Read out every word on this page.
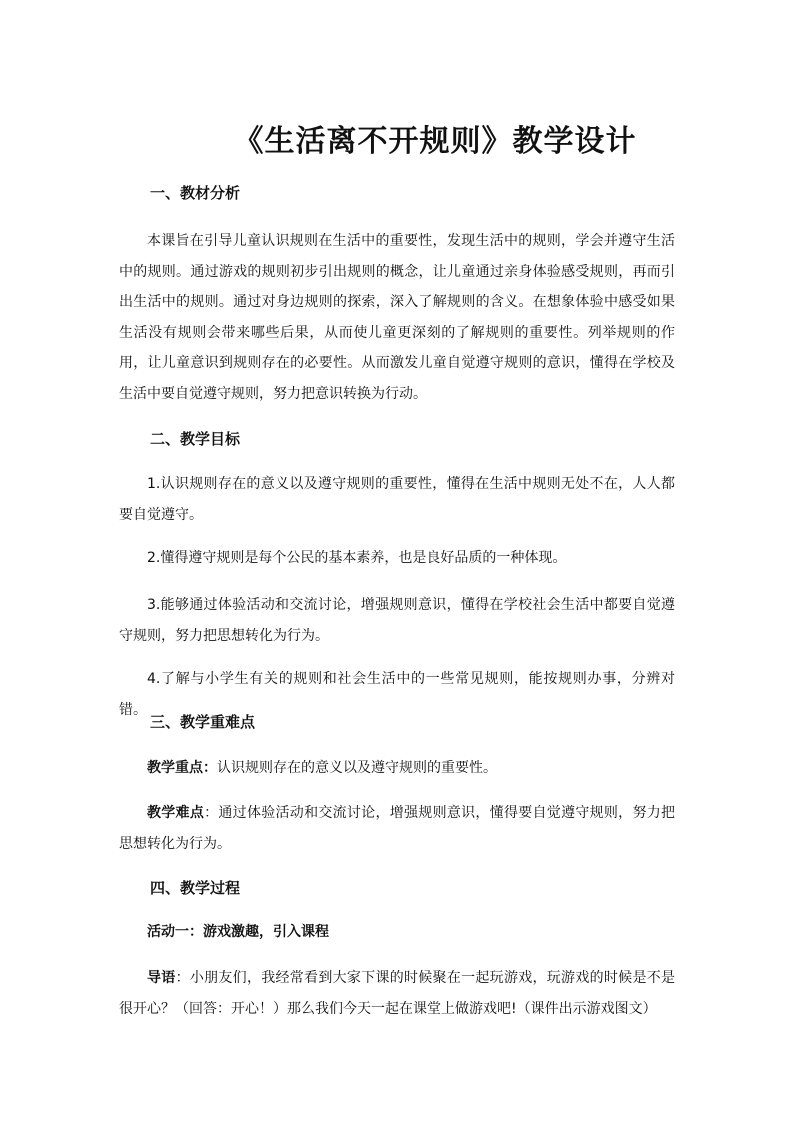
《生活离不开规则》教学设计
一、教材分析
本课旨在引导儿童认识规则在生活中的重要性，发现生活中的规则，学会并遵守生活中的规则。通过游戏的规则初步引出规则的概念，让儿童通过亲身体验感受规则，再而引出生活中的规则。通过对身边规则的探索，深入了解规则的含义。在想象体验中感受如果生活没有规则会带来哪些后果，从而使儿童更深刻的了解规则的重要性。列举规则的作用，让儿童意识到规则存在的必要性。从而激发儿童自觉遵守规则的意识，懂得在学校及生活中要自觉遵守规则，努力把意识转换为行动。
二、教学目标
1.认识规则存在的意义以及遵守规则的重要性，懂得在生活中规则无处不在，人人都要自觉遵守。
2.懂得遵守规则是每个公民的基本素养，也是良好品质的一种体现。
3.能够通过体验活动和交流讨论，增强规则意识，懂得在学校社会生活中都要自觉遵守规则，努力把思想转化为行为。
4.了解与小学生有关的规则和社会生活中的一些常见规则，能按规则办事，分辨对错。
三、教学重难点
教学重点：认识规则存在的意义以及遵守规则的重要性。
教学难点：通过体验活动和交流讨论，增强规则意识，懂得要自觉遵守规则，努力把思想转化为行为。
四、教学过程
活动一：游戏激趣，引入课程
导语：小朋友们，我经常看到大家下课的时候聚在一起玩游戏，玩游戏的时候是不是很开心？（回答：开心！）那么我们今天一起在课堂上做游戏吧!（课件出示游戏图文）
